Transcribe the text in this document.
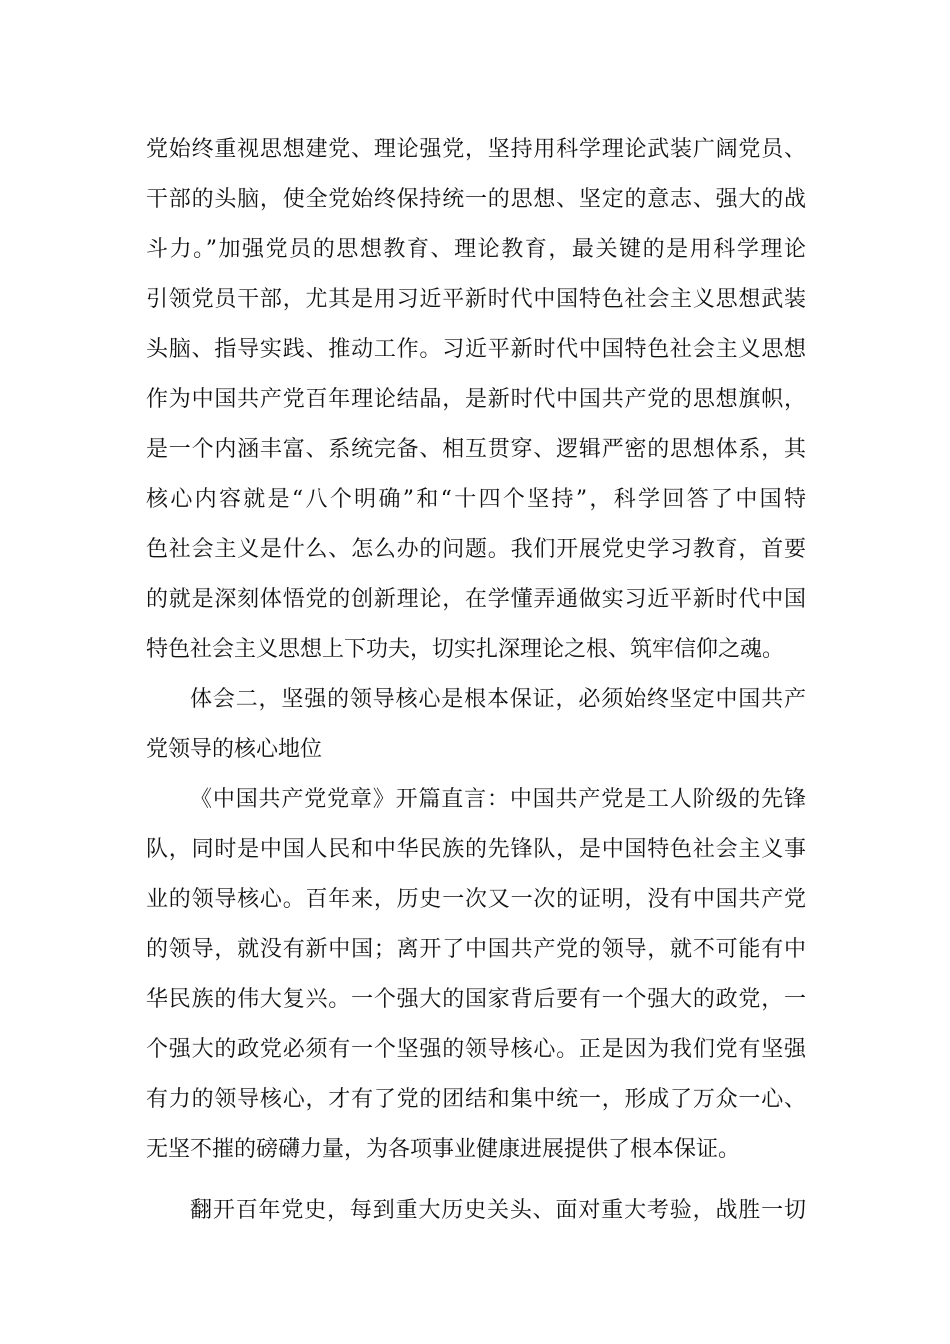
党始终重视思想建党、理论强党，坚持用科学理论武装广阔党员、
干部的头脑，使全党始终保持统一的思想、坚定的意志、强大的战
斗力。”加强党员的思想教育、理论教育，最关键的是用科学理论
引领党员干部，尤其是用习近平新时代中国特色社会主义思想武装
头脑、指导实践、推动工作。习近平新时代中国特色社会主义思想
作为中国共产党百年理论结晶，是新时代中国共产党的思想旗帜，
是一个内涵丰富、系统完备、相互贯穿、逻辑严密的思想体系，其
核心内容就是“八个明确”和“十四个坚持”，科学回答了中国特
色社会主义是什么、怎么办的问题。我们开展党史学习教育，首要
的就是深刻体悟党的创新理论，在学懂弄通做实习近平新时代中国
特色社会主义思想上下功夫，切实扎深理论之根、筑牢信仰之魂。
体会二，坚强的领导核心是根本保证，必须始终坚定中国共产
党领导的核心地位
《中国共产党党章》开篇直言：中国共产党是工人阶级的先锋
队，同时是中国人民和中华民族的先锋队，是中国特色社会主义事
业的领导核心。百年来，历史一次又一次的证明，没有中国共产党
的领导，就没有新中国；离开了中国共产党的领导，就不可能有中
华民族的伟大复兴。一个强大的国家背后要有一个强大的政党，一
个强大的政党必须有一个坚强的领导核心。正是因为我们党有坚强
有力的领导核心，才有了党的团结和集中统一，形成了万众一心、
无坚不摧的磅礴力量，为各项事业健康进展提供了根本保证。
翻开百年党史，每到重大历史关头、面对重大考验，战胜一切
